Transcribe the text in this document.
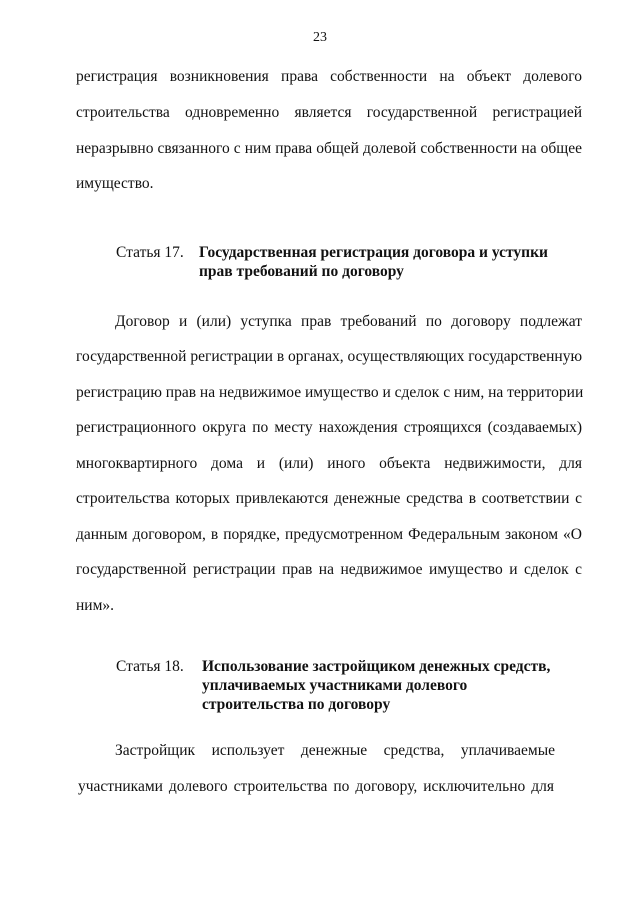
23
регистрация возникновения права собственности на объект долевого
строительства одновременно является государственной регистрацией
неразрывно связанного с ним права общей долевой собственности на общее
имущество.
Статья 17. Государственная регистрация договора и уступки
прав требований по договору
Договор и (или) уступка прав требований по договору подлежат
государственной регистрации в органах, осуществляющих государственную
регистрацию прав на недвижимое имущество и сделок с ним, на территории
регистрационного округа по месту нахождения строящихся (создаваемых)
многоквартирного дома и (или) иного объекта недвижимости, для
строительства которых привлекаются денежные средства в соответствии с
данным договором, в порядке, предусмотренном Федеральным законом «О
государственной регистрации прав на недвижимое имущество и сделок с
ним».
Статья 18. Использование застройщиком денежных средств,
уплачиваемых участниками долевого
строительства по договору
Застройщик использует денежные средства, уплачиваемые
участниками долевого строительства по договору, исключительно для
